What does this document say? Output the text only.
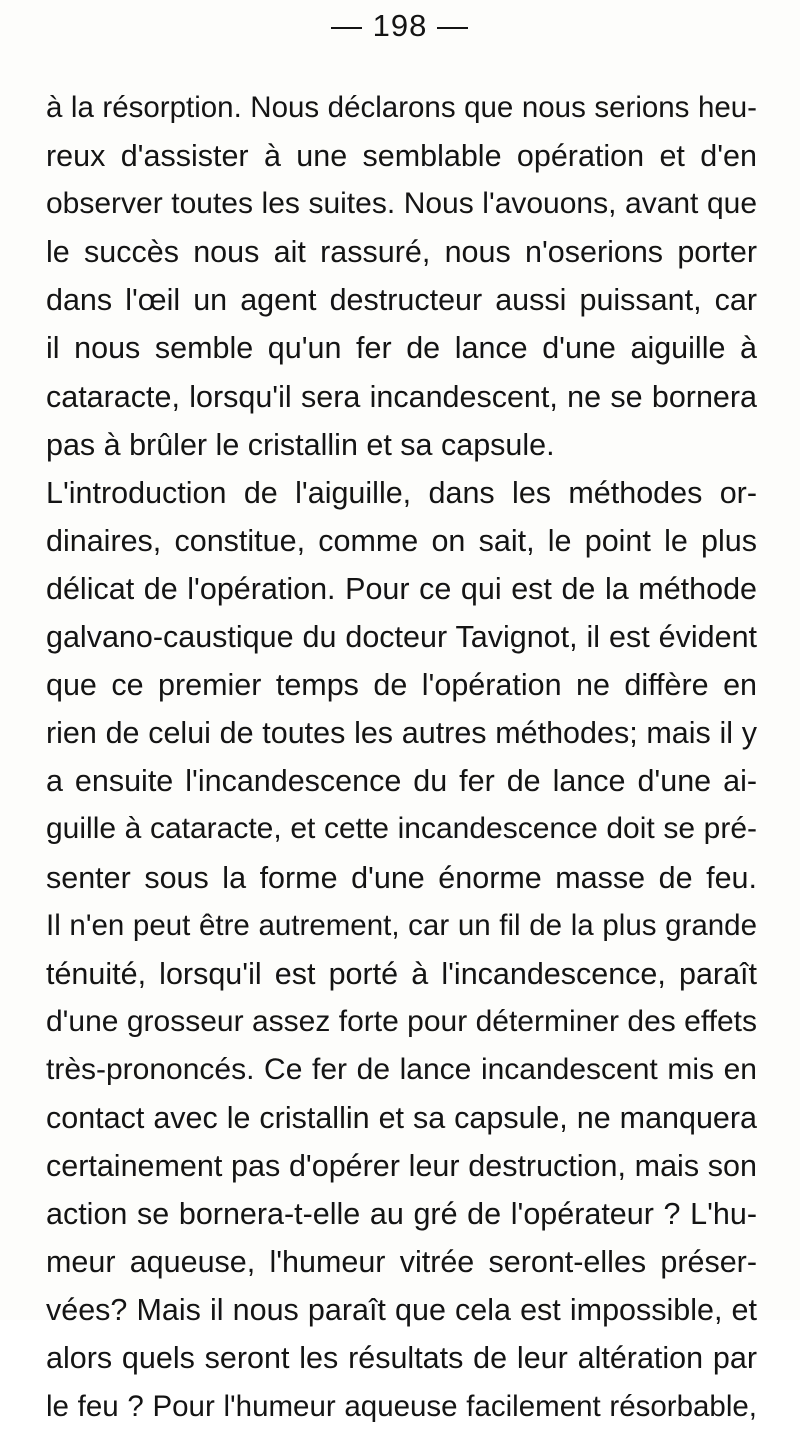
— 198 —
à la résorption. Nous déclarons que nous serions heu-
reux d'assister à une semblable opération et d'en
observer toutes les suites. Nous l'avouons, avant que
le succès nous ait rassuré, nous n'oserions porter
dans l'œil un agent destructeur aussi puissant, car
il nous semble qu'un fer de lance d'une aiguille à
cataracte, lorsqu'il sera incandescent, ne se bornera
pas à brûler le cristallin et sa capsule.
L'introduction de l'aiguille, dans les méthodes or-
dinaires, constitue, comme on sait, le point le plus
délicat de l'opération. Pour ce qui est de la méthode
galvano-caustique du docteur Tavignot, il est évident
que ce premier temps de l'opération ne diffère en
rien de celui de toutes les autres méthodes; mais il y
a ensuite l'incandescence du fer de lance d'une ai-
guille à cataracte, et cette incandescence doit se pré-
senter sous la forme d'une énorme masse de feu.
Il n'en peut être autrement, car un fil de la plus grande
ténuité, lorsqu'il est porté à l'incandescence, paraît
d'une grosseur assez forte pour déterminer des effets
très-prononcés. Ce fer de lance incandescent mis en
contact avec le cristallin et sa capsule, ne manquera
certainement pas d'opérer leur destruction, mais son
action se bornera-t-elle au gré de l'opérateur ? L'hu-
meur aqueuse, l'humeur vitrée seront-elles préser-
vées? Mais il nous paraît que cela est impossible, et
alors quels seront les résultats de leur altération par
le feu ? Pour l'humeur aqueuse facilement résorbable,
